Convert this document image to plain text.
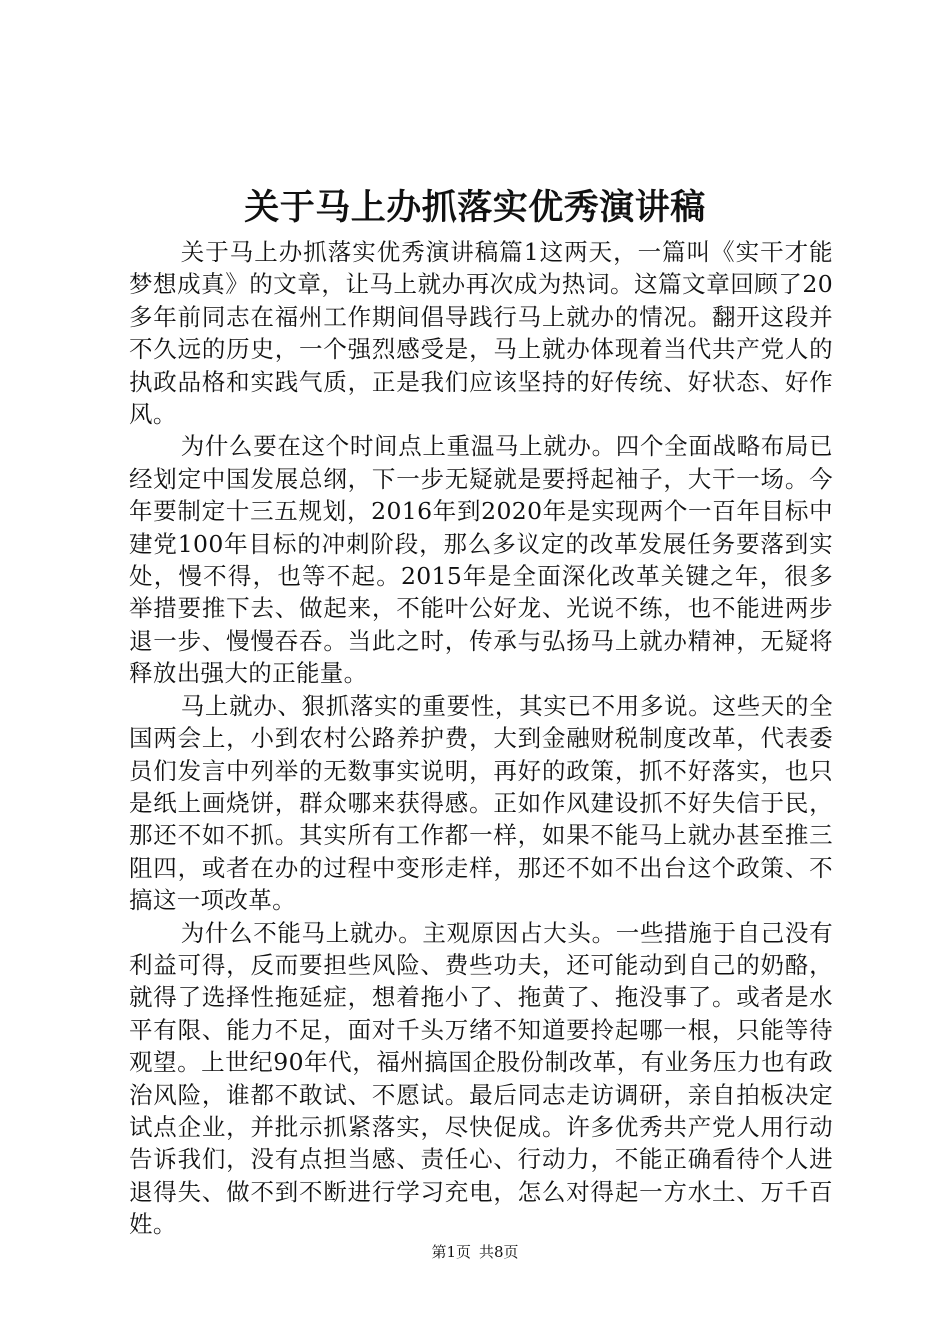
关于马上办抓落实优秀演讲稿

关于马上办抓落实优秀演讲稿篇1这两天，一篇叫《实干才能梦想成真》的文章，让马上就办再次成为热词。这篇文章回顾了20多年前同志在福州工作期间倡导践行马上就办的情况。翻开这段并不久远的历史，一个强烈感受是，马上就办体现着当代共产党人的执政品格和实践气质，正是我们应该坚持的好传统、好状态、好作风。

为什么要在这个时间点上重温马上就办。四个全面战略布局已经划定中国发展总纲，下一步无疑就是要捋起袖子，大干一场。今年要制定十三五规划，2016年到2020年是实现两个一百年目标中建党100年目标的冲刺阶段，那么多议定的改革发展任务要落到实处，慢不得，也等不起。2015年是全面深化改革关键之年，很多举措要推下去、做起来，不能叶公好龙、光说不练，也不能进两步退一步、慢慢吞吞。当此之时，传承与弘扬马上就办精神，无疑将释放出强大的正能量。

马上就办、狠抓落实的重要性，其实已不用多说。这些天的全国两会上，小到农村公路养护费，大到金融财税制度改革，代表委员们发言中列举的无数事实说明，再好的政策，抓不好落实，也只是纸上画烧饼，群众哪来获得感。正如作风建设抓不好失信于民，那还不如不抓。其实所有工作都一样，如果不能马上就办甚至推三阻四，或者在办的过程中变形走样，那还不如不出台这个政策、不搞这一项改革。

为什么不能马上就办。主观原因占大头。一些措施于自己没有利益可得，反而要担些风险、费些功夫，还可能动到自己的奶酪，就得了选择性拖延症，想着拖小了、拖黄了、拖没事了。或者是水平有限、能力不足，面对千头万绪不知道要拎起哪一根，只能等待观望。上世纪90年代，福州搞国企股份制改革，有业务压力也有政治风险，谁都不敢试、不愿试。最后同志走访调研，亲自拍板决定试点企业，并批示抓紧落实，尽快促成。许多优秀共产党人用行动告诉我们，没有点担当感、责任心、行动力，不能正确看待个人进退得失、做不到不断进行学习充电，怎么对得起一方水土、万千百姓。

第1页 共8页
